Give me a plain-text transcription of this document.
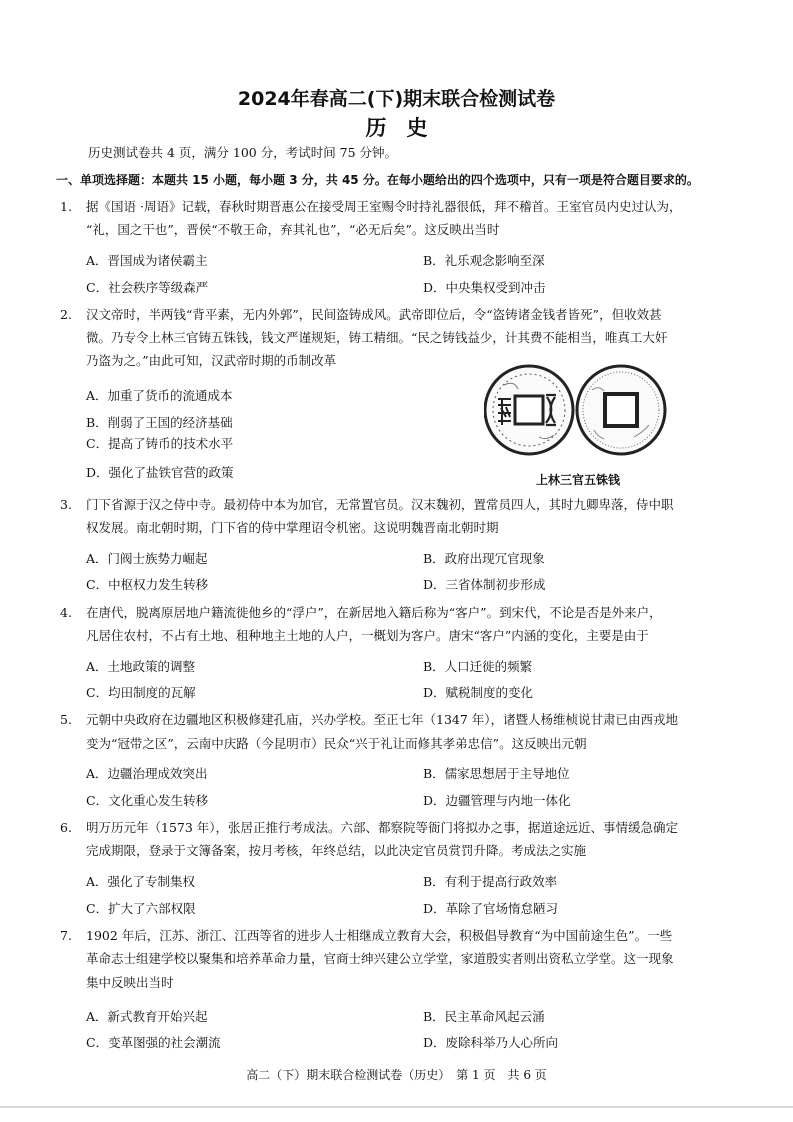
2024年春高二(下)期末联合检测试卷
历史
历史测试卷共 4 页，满分 100 分，考试时间 75 分钟。
一、单项选择题：本题共 15 小题，每小题 3 分，共 45 分。在每小题给出的四个选项中，只有一项是符合题目要求的。
1. 据《国语 ·周语》记载，春秋时期晋惠公在接受周王室赐令时持礼器很低，拜不稽首。王室官员内史过认为，
“礼，国之干也”，晋侯“不敬王命，弃其礼也”，“必无后矣”。这反映出当时
A．晋国成为诸侯霸主	B．礼乐观念影响至深
C．社会秩序等级森严	D．中央集权受到冲击
2. 汉文帝时，半两钱“背平素，无内外郭”，民间盗铸成风。武帝即位后，令“盗铸诸金钱者皆死”，但收效甚
微。乃专令上林三官铸五铢钱，钱文严谨规矩，铸工精细。“民之铸钱益少，计其费不能相当，唯真工大奸
乃盗为之。”由此可知，汉武帝时期的币制改革
A．加重了货币的流通成本
B．削弱了王国的经济基础
C．提高了铸币的技术水平
D．强化了盐铁官营的政策	上林三官五铢钱
3. 门下省源于汉之侍中寺。最初侍中本为加官，无常置官员。汉末魏初，置常员四人，其时九卿卑落，侍中职
权发展。南北朝时期，门下省的侍中掌理诏令机密。这说明魏晋南北朝时期
A．门阀士族势力崛起	B．政府出现冗官现象
C．中枢权力发生转移	D．三省体制初步形成
4. 在唐代，脱离原居地户籍流徙他乡的“浮户”，在新居地入籍后称为“客户”。到宋代，不论是否是外来户，
凡居住农村，不占有土地、租种地主土地的人户，一概划为客户。唐宋“客户”内涵的变化，主要是由于
A．土地政策的调整	B．人口迁徙的频繁
C．均田制度的瓦解	D．赋税制度的变化
5. 元朝中央政府在边疆地区积极修建孔庙，兴办学校。至正七年（1347 年），诸暨人杨维桢说甘肃已由西戎地
变为“冠带之区”，云南中庆路（今昆明市）民众“兴于礼让而修其孝弟忠信”。这反映出元朝
A．边疆治理成效突出	B．儒家思想居于主导地位
C．文化重心发生转移	D．边疆管理与内地一体化
6. 明万历元年（1573 年），张居正推行考成法。六部、都察院等衙门将拟办之事，据道途远近、事情缓急确定
完成期限，登录于文簿备案，按月考核，年终总结，以此决定官员赏罚升降。考成法之实施
A．强化了专制集权	B．有利于提高行政效率
C．扩大了六部权限	D．革除了官场惰怠陋习
7. 1902 年后，江苏、浙江、江西等省的进步人士相继成立教育大会，积极倡导教育“为中国前途生色”。一些
革命志士组建学校以聚集和培养革命力量，官商士绅兴建公立学堂，家道殷实者则出资私立学堂。这一现象
集中反映出当时
A．新式教育开始兴起	B．民主革命风起云涌
C．变革图强的社会潮流	D．废除科举乃人心所向
高二（下）期末联合检测试卷（历史）　第 1 页　共 6 页
